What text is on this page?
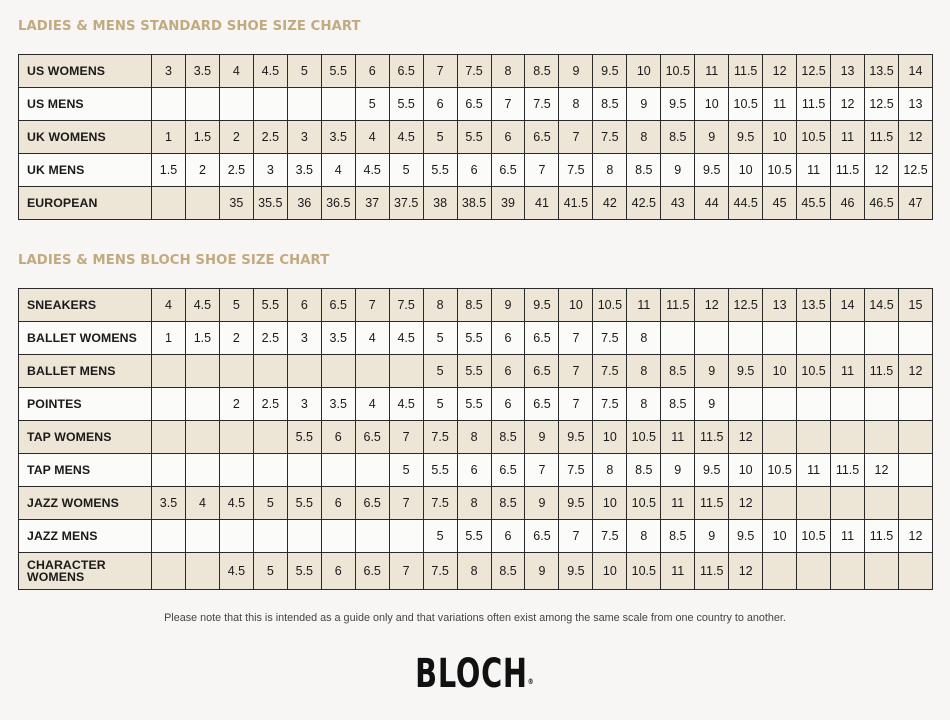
LADIES & MENS STANDARD SHOE SIZE CHART
US WOMENS	3	3.5	4	4.5	5	5.5	6	6.5	7	7.5	8	8.5	9	9.5	10	10.5	11	11.5	12	12.5	13	13.5	14
US MENS							5	5.5	6	6.5	7	7.5	8	8.5	9	9.5	10	10.5	11	11.5	12	12.5	13
UK WOMENS	1	1.5	2	2.5	3	3.5	4	4.5	5	5.5	6	6.5	7	7.5	8	8.5	9	9.5	10	10.5	11	11.5	12
UK MENS	1.5	2	2.5	3	3.5	4	4.5	5	5.5	6	6.5	7	7.5	8	8.5	9	9.5	10	10.5	11	11.5	12	12.5
EUROPEAN			35	35.5	36	36.5	37	37.5	38	38.5	39	41	41.5	42	42.5	43	44	44.5	45	45.5	46	46.5	47
LADIES & MENS BLOCH SHOE SIZE CHART
SNEAKERS	4	4.5	5	5.5	6	6.5	7	7.5	8	8.5	9	9.5	10	10.5	11	11.5	12	12.5	13	13.5	14	14.5	15
BALLET WOMENS	1	1.5	2	2.5	3	3.5	4	4.5	5	5.5	6	6.5	7	7.5	8								
BALLET MENS									5	5.5	6	6.5	7	7.5	8	8.5	9	9.5	10	10.5	11	11.5	12
POINTES			2	2.5	3	3.5	4	4.5	5	5.5	6	6.5	7	7.5	8	8.5	9						
TAP WOMENS					5.5	6	6.5	7	7.5	8	8.5	9	9.5	10	10.5	11	11.5	12					
TAP MENS								5	5.5	6	6.5	7	7.5	8	8.5	9	9.5	10	10.5	11	11.5	12	
JAZZ WOMENS	3.5	4	4.5	5	5.5	6	6.5	7	7.5	8	8.5	9	9.5	10	10.5	11	11.5	12					
JAZZ MENS									5	5.5	6	6.5	7	7.5	8	8.5	9	9.5	10	10.5	11	11.5	12
CHARACTER WOMENS			4.5	5	5.5	6	6.5	7	7.5	8	8.5	9	9.5	10	10.5	11	11.5	12					

Please note that this is intended as a guide only and that variations often exist among the same scale from one country to another.

BLOCH®
